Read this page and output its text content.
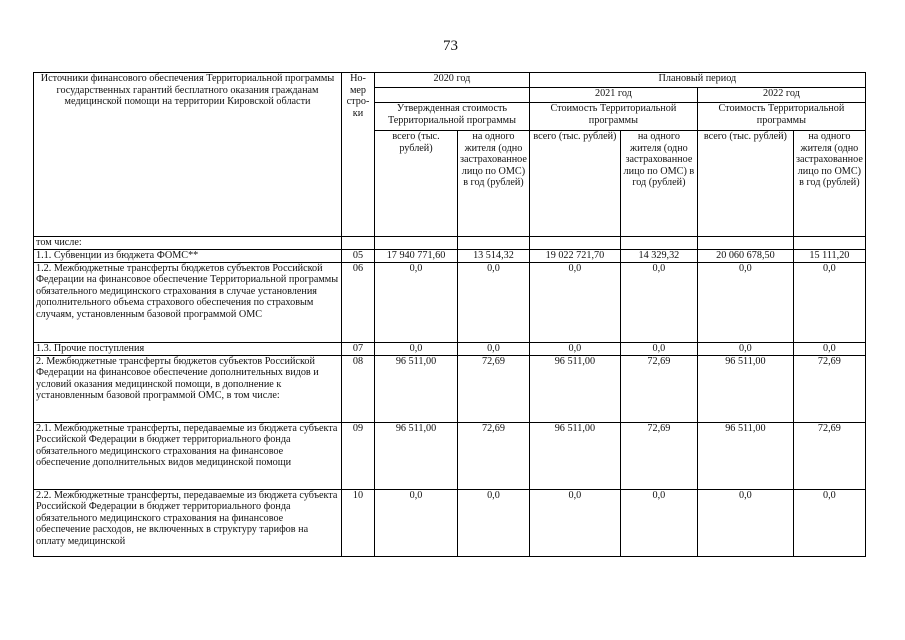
73
Источники финансового обеспечения Территориальной программы государственных гарантий бесплатного оказания гражданам медицинской помощи на территории Кировской области	Но-мер стро-ки	2020 год		Плановый период			
				2021 год		2022 год	
		Утвержденная стоимость Территориальной программы		Стоимость Территориальной программы		Стоимость Территориальной программы	
		всего (тыс. рублей)	на одного жителя (одно застрахованное лицо по ОМС) в год (рублей)	всего (тыс. рублей)	на одного жителя (одно застрахованное лицо по ОМС) в год (рублей)	всего (тыс. рублей)	на одного жителя (одно застрахованное лицо по ОМС) в год (рублей)
том числе:							
1.1. Субвенции из бюджета ФОМС**	05	17 940 771,60	13 514,32	19 022 721,70	14 329,32	20 060 678,50	15 111,20
1.2. Межбюджетные трансферты бюджетов субъектов Российской Федерации на финансовое обеспечение Территориальной программы обязательного медицинского страхования в случае установления дополнительного объема страхового обеспечения по страховым случаям, установленным базовой программой ОМС	06	0,0	0,0	0,0	0,0	0,0	0,0
1.3. Прочие поступления	07	0,0	0,0	0,0	0,0	0,0	0,0
2. Межбюджетные трансферты бюджетов субъектов Российской Федерации на финансовое обеспечение дополнительных видов и условий оказания медицинской помощи, в дополнение к установленным базовой программой ОМС, в том числе:	08	96 511,00	72,69	96 511,00	72,69	96 511,00	72,69
2.1. Межбюджетные трансферты, передаваемые из бюджета субъекта Российской Федерации в бюджет территориального фонда обязательного медицинского страхования на финансовое обеспечение дополнительных видов медицинской помощи	09	96 511,00	72,69	96 511,00	72,69	96 511,00	72,69
2.2. Межбюджетные трансферты, передаваемые из бюджета субъекта Российской Федерации в бюджет территориального фонда обязательного медицинского страхования на финансовое обеспечение расходов, не включенных в структуру тарифов на оплату медицинской	10	0,0	0,0	0,0	0,0	0,0	0,0
